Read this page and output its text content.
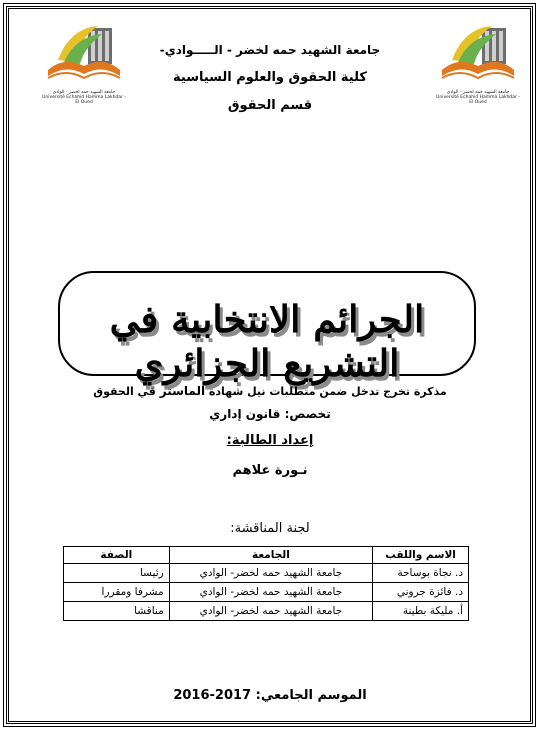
جامعة الشهيد حمه لخضر - الوادي
Université Echahid Hamma Lakhdar - El Oued
جامعة الشهيد حمه لخضر - الوادي
Université Echahid Hamma Lakhdar - El Oued
جامعة الشهيد حمه لخضر - الـــــوادي-
كلية الحقوق والعلوم السياسية
قسم الحقوق
الجرائم الانتخابية في التشريع الجزائري
مذكرة تخرج تدخل ضمن متطلبات نيل شهادة الماستر في الحقوق
تخصص: قانون إداري
إعداد الطالبة:
نـورة علاهم
لجنة المناقشة:
الاسم واللقب	الجامعة	الصفة
د. نجاة بوساحة	جامعة الشهيد حمه لخضر- الوادي	رئيسا
د. فائزة جروني	جامعة الشهيد حمه لخضر- الوادي	مشرفا ومقررا
أ. مليكة بطينة	جامعة الشهيد حمه لخضر- الوادي	مناقشا
الموسم الجامعي: 2016-2017
